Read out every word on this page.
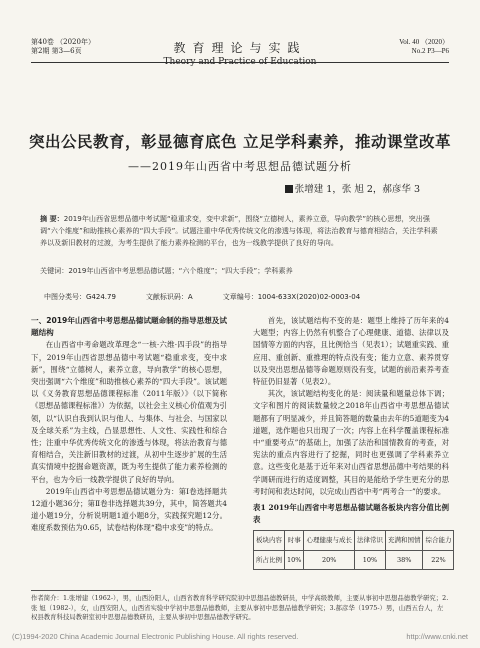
第40卷 （2020年）
第2期 第3—6页	教育理论与实践
Theory and Practice of Education
Vol. 40 （2020）
No.2 P3—P6
突出公民教育，彰显德育底色 立足学科素养，推动课堂改革
——2019年山西省中考思想品德试题分析
张增建 1，张 旭 2，郝彦华 3
摘 要：2019年山西省思想品德中考试题“稳重求变，变中求新”，围绕“立德树人，素养立意，导向教学”的核心思想，突出强调“六个维度”和助推核心素养的“四大手段”。试题注重中华优秀传统文化的渗透与体现，将法治教育与德育相结合，关注学科素养以及新旧教材的过渡，为考生提供了能力素养检测的平台，也为一线教学提供了良好的导向。
关键词：2019年山西省中考思想品德试题；“六个维度”；“四大手段”；学科素养
中图分类号：G424.79	文献标识码：A	文章编号：1004-633X(2020)02-0003-04
一、2019年山西省中考思想品德试题命制的指导思想及试题结构

在山西省中考命题改革理念“一核·六维·四手段”的指导下，2019年山西省思想品德中考试题“稳重求变，变中求新”，围绕“立德树人，素养立意，导向教学”的核心思想，突出强调“六个维度”和助推核心素养的“四大手段”。该试题以《义务教育思想品德课程标准（2011年版）》（以下简称《思想品德课程标准》）为依据，以社会主义核心价值观为引领，以“认识自我到认识与他人、与集体、与社会、与国家以及全球关系”为主线，凸显思想性、人文性、实践性和综合性；注重中华优秀传统文化的渗透与体现，将法治教育与德育相结合，关注新旧教材的过渡，从初中生逐步扩展的生活真实情境中挖掘命题资源，既为考生提供了能力素养检测的平台，也为今后一线教学提供了良好的导向。

2019年山西省中考思想品德试题分为：第Ⅰ卷选择题共12道小题36分；第Ⅱ卷非选择题共39分，其中，简答题共4道小题19分，分析说明题1道小题8分，实践探究题12分。难度系数预估为0.65，试卷结构体现“稳中求变”的特点。

首先，该试题结构不变的是：题型上维持了历年来的4大题型；内容上仍然有机整合了心理健康、道德、法律以及国情等方面的内容，且比例恰当（见表1）；试题重实践、重应用、重创新、重推理的特点没有变；能力立意、素养贯穿以及突出思想品德等命题原则没有变，试题的前沿素养考查特征仍旧显著（见表2）。

其次，该试题结构变化的是：阅读量和题量总体下调；文字和图片的阅读数量较之2018年山西省中考思想品德试题都有了明显减少，并且简答题的数量由去年的5道题变为4道题，选作题也只出现了一次；内容上在科学覆盖课程标准中“重要考点”的基础上，加强了法治和国情教育的考查，对宪法的重点内容进行了挖掘，同时也更强调了学科素养立意。这些变化是基于近年来对山西省思想品德中考结果的科学调研而进行的适度调整，其目的是能给予学生更充分的思考时间和表达时间，以完成山西省中考“两考合一”的要求。

表1 2019年山西省中考思想品德试题各板块内容分值比例表
板块内容	时事	心理健康与成长	法律常识	充满和国情	综合能力
所占比例	10%	20%	10%	38%	22%
作者简介：1.张增建（1962-），男，山西汾阳人，山西省教育科学研究院初中思想品德教研员，中学高级教师，主要从事初中思想品德教学研究；2.张 旭（1982-），女，山西安阳人，山西省实验中学初中思想品德教师，主要从事初中思想品德教学研究；3.郝彦华（1975-）男，山西五台人，左权县教育科技局教研室初中思想品德教研员，主要从事初中思想品德教学研究。
(C)1994-2020 China Academic Journal Electronic Publishing House. All rights reserved.	http://www.cnki.net
